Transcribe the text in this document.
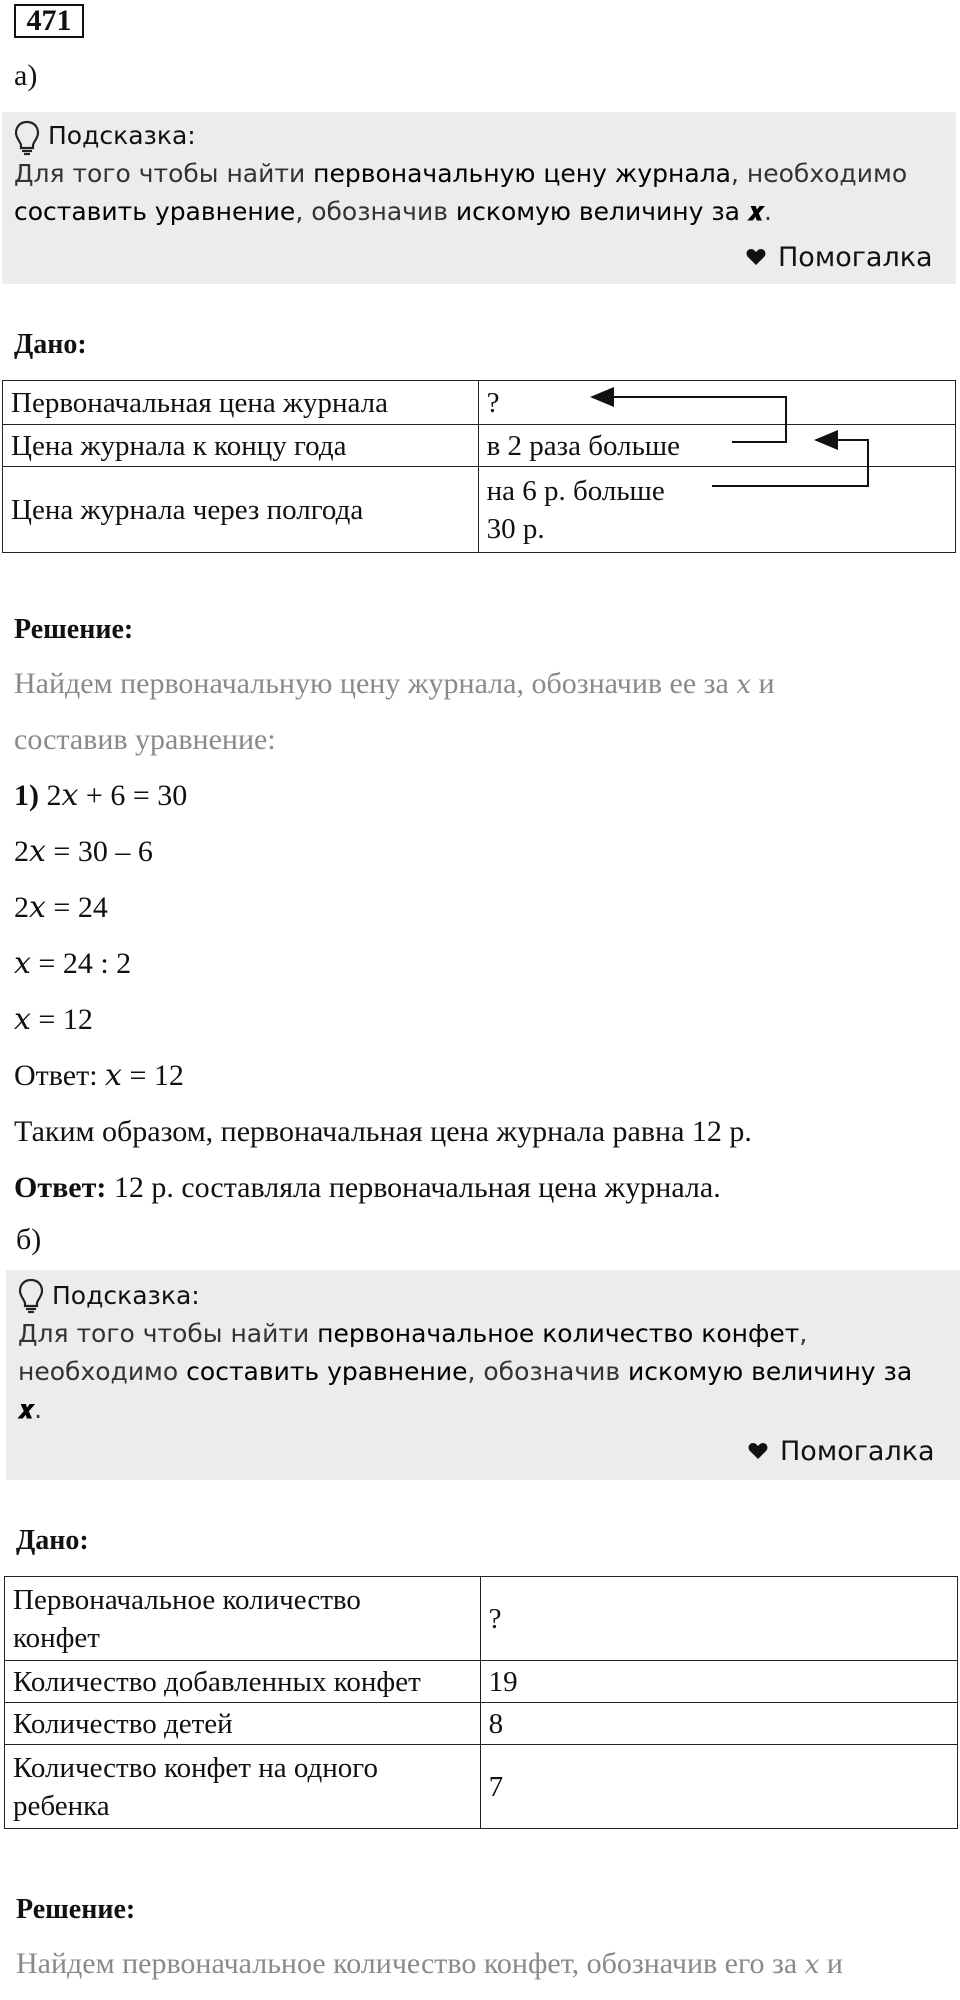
471
а)
Подсказка:
Для того чтобы найти первоначальную цену журнала, необходимо
составить уравнение, обозначив искомую величину за 𝒙.
Помогалка
Дано:
Первоначальная цена журнала	?
Цена журнала к концу года	в 2 раза больше
Цена журнала через полгода	на 6 р. больше
30 р.
Решение:
Найдем первоначальную цену журнала, обозначив ее за 𝑥 и
составив уравнение:
1) 2𝑥 + 6 = 30
2𝑥 = 30 – 6
2𝑥 = 24
𝑥 = 24 : 2
𝑥 = 12
Ответ: 𝑥 = 12
Таким образом, первоначальная цена журнала равна 12 р.
Ответ: 12 р. составляла первоначальная цена журнала.
б)
Подсказка:
Для того чтобы найти первоначальное количество конфет,
необходимо составить уравнение, обозначив искомую величину за
𝒙.
Помогалка
Дано:
Первоначальное количество
конфет	?
Количество добавленных конфет	19
Количество детей	8

Количество конфет на одного
ребенка	7
Решение:
Найдем первоначальное количество конфет, обозначив его за 𝑥 и
